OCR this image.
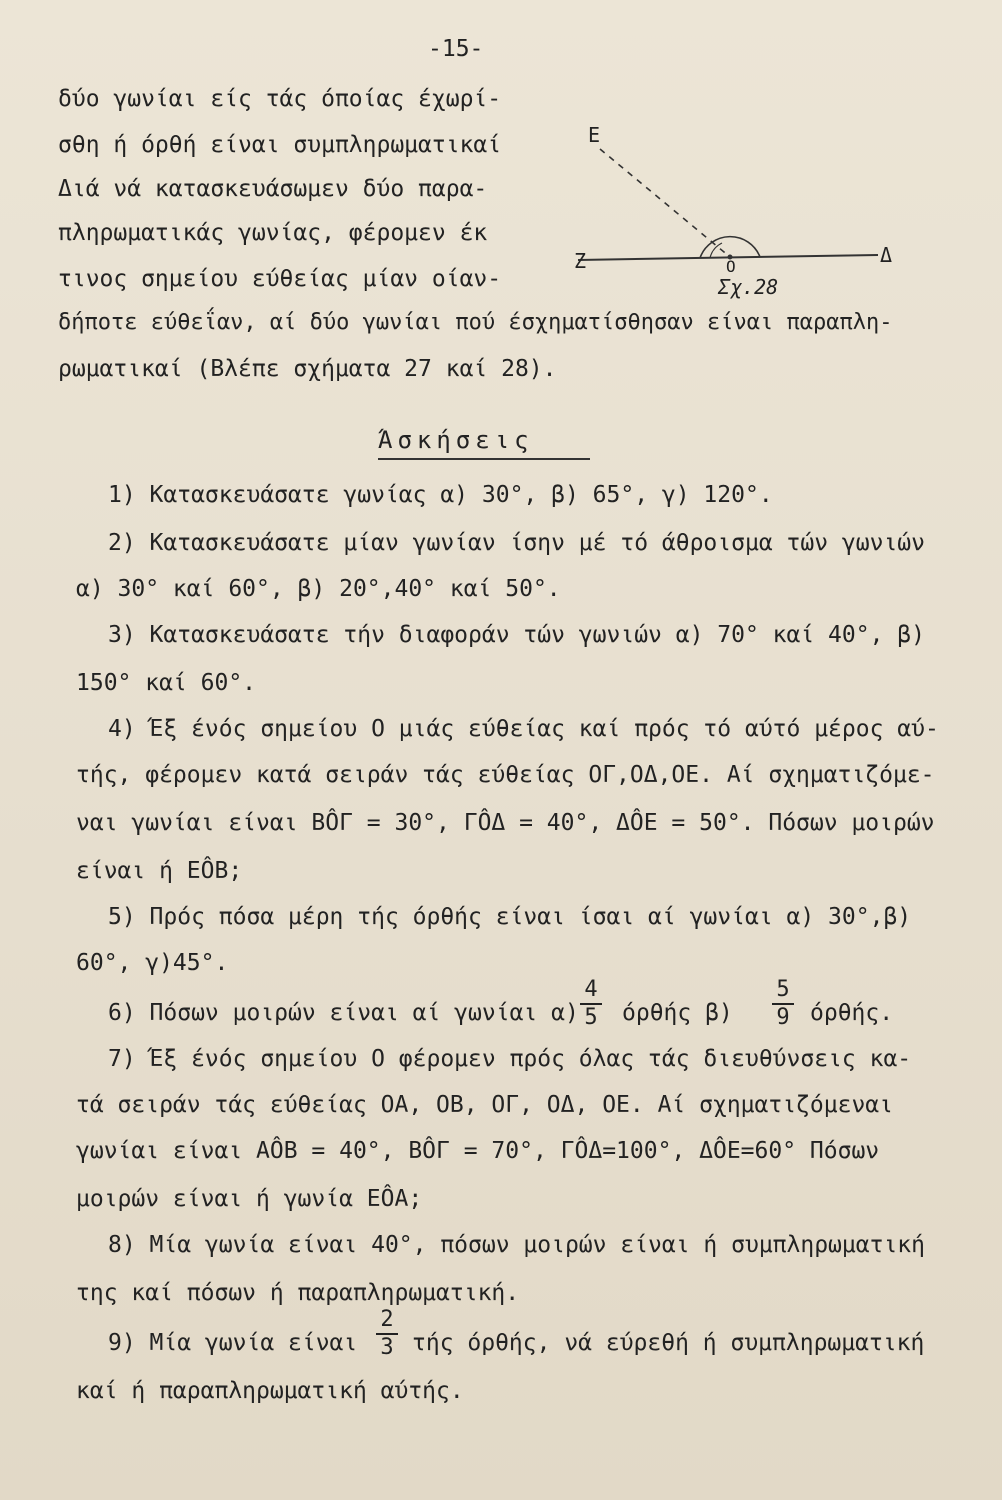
-15-
δύο γωνίαι είς τάς όποίας έχωρί-
σθη ή όρθή είναι συμπληρωματικαί
Διά νά κατασκευάσωμεν δύο παρα-
πληρωματικάς γωνίας, φέρομεν έκ
τινος σημείου εύθείας μίαν οίαν-
δήποτε εύθεΐαν, αί δύο γωνίαι πού έσχηματίσθησαν είναι παραπλη-
ρωματικαί (Βλέπε σχήματα 27 καί 28).
Ε
Ζ	Ο	Δ
Σχ.28
Άσκήσεις
1) Κατασκευάσατε γωνίας α) 30°, β) 65°, γ) 120°.
2) Κατασκευάσατε μίαν γωνίαν ίσην μέ τό άθροισμα τών γωνιών
α) 30° καί 60°, β) 20°,40° καί 50°.
3) Κατασκευάσατε τήν διαφοράν τών γωνιών α) 70° καί 40°, β)
150° καί 60°.
4) Έξ ένός σημείου Ο μιάς εύθείας καί πρός τό αύτό μέρος αύ-
τής, φέρομεν κατά σειράν τάς εύθείας ΟΓ,ΟΔ,ΟΕ. Αί σχηματιζόμε-
ναι γωνίαι είναι ΒÔΓ = 30°, ΓÔΔ = 40°, ΔÔΕ = 50°. Πόσων μοιρών
είναι ή ΕÔΒ;
5) Πρός πόσα μέρη τής όρθής είναι ίσαι αί γωνίαι α) 30°,β)
60°, γ)45°.
6) Πόσων μοιρών είναι αί γωνίαι α)
4
5 όρθής β)
5
9 όρθής.
7) Έξ ένός σημείου Ο φέρομεν πρός όλας τάς διευθύνσεις κα-
τά σειράν τάς εύθείας ΟΑ, ΟΒ, ΟΓ, ΟΔ, ΟΕ. Αί σχηματιζόμεναι
γωνίαι είναι ΑÔΒ = 40°, ΒÔΓ = 70°, ΓÔΔ=100°, ΔÔΕ=60° Πόσων
μοιρών είναι ή γωνία ΕÔΑ;
8) Μία γωνία είναι 40°, πόσων μοιρών είναι ή συμπληρωματική
της καί πόσων ή παραπληρωματική.
9) Μία γωνία είναι
2
3 τής όρθής, νά εύρεθή ή συμπληρωματική
καί ή παραπληρωματική αύτής.
